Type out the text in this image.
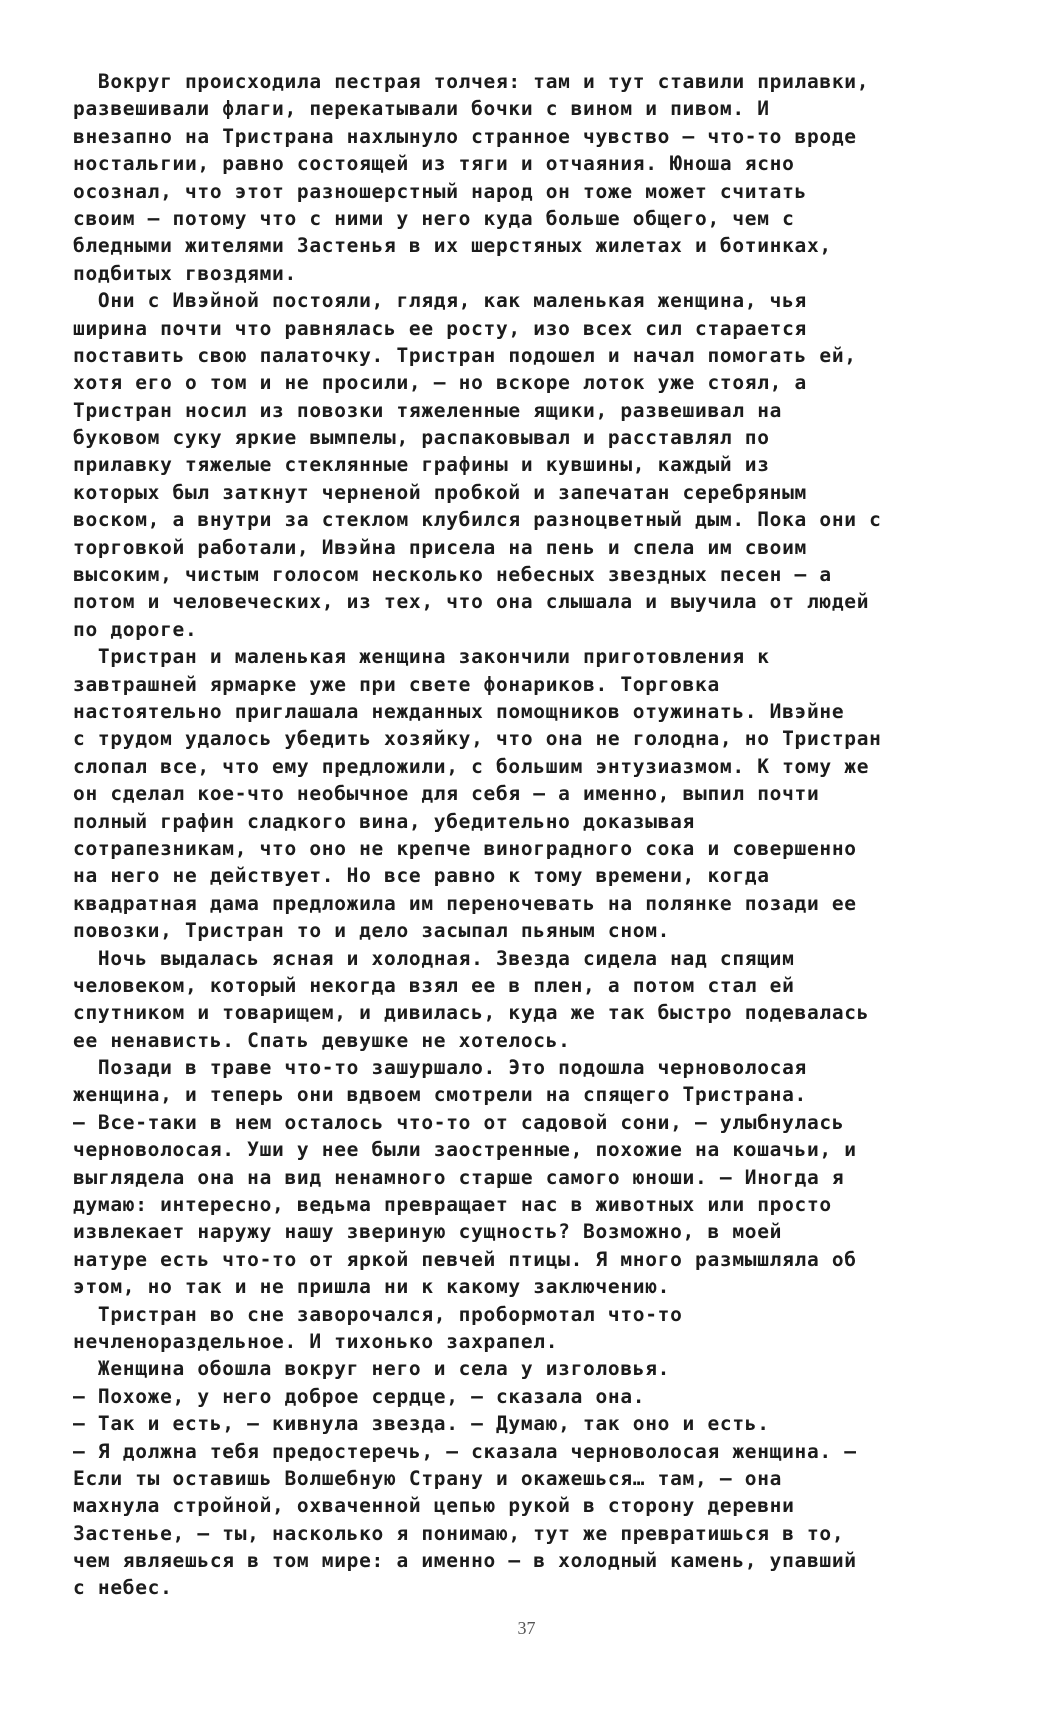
Вокруг происходила пестрая толчея: там и тут ставили прилавки,
развешивали флаги, перекатывали бочки с вином и пивом. И
внезапно на Тристрана нахлынуло странное чувство — что-то вроде
ностальгии, равно состоящей из тяги и отчаяния. Юноша ясно
осознал, что этот разношерстный народ он тоже может считать
своим — потому что с ними у него куда больше общего, чем с
бледными жителями Застенья в их шерстяных жилетах и ботинках,
подбитых гвоздями.
Они с Ивэйной постояли, глядя, как маленькая женщина, чья
ширина почти что равнялась ее росту, изо всех сил старается
поставить свою палаточку. Тристран подошел и начал помогать ей,
хотя его о том и не просили, — но вскоре лоток уже стоял, а
Тристран носил из повозки тяжеленные ящики, развешивал на
буковом суку яркие вымпелы, распаковывал и расставлял по
прилавку тяжелые стеклянные графины и кувшины, каждый из
которых был заткнут черненой пробкой и запечатан серебряным
воском, а внутри за стеклом клубился разноцветный дым. Пока они с
торговкой работали, Ивэйна присела на пень и спела им своим
высоким, чистым голосом несколько небесных звездных песен — а
потом и человеческих, из тех, что она слышала и выучила от людей
по дороге.
Тристран и маленькая женщина закончили приготовления к
завтрашней ярмарке уже при свете фонариков. Торговка
настоятельно приглашала нежданных помощников отужинать. Ивэйне
с трудом удалось убедить хозяйку, что она не голодна, но Тристран
слопал все, что ему предложили, с большим энтузиазмом. К тому же
он сделал кое-что необычное для себя — а именно, выпил почти
полный графин сладкого вина, убедительно доказывая
сотрапезникам, что оно не крепче виноградного сока и совершенно
на него не действует. Но все равно к тому времени, когда
квадратная дама предложила им переночевать на полянке позади ее
повозки, Тристран то и дело засыпал пьяным сном.
Ночь выдалась ясная и холодная. Звезда сидела над спящим
человеком, который некогда взял ее в плен, а потом стал ей
спутником и товарищем, и дивилась, куда же так быстро подевалась
ее ненависть. Спать девушке не хотелось.
Позади в траве что-то зашуршало. Это подошла черноволосая
женщина, и теперь они вдвоем смотрели на спящего Тристрана.
— Все-таки в нем осталось что-то от садовой сони, — улыбнулась
черноволосая. Уши у нее были заостренные, похожие на кошачьи, и
выглядела она на вид ненамного старше самого юноши. — Иногда я
думаю: интересно, ведьма превращает нас в животных или просто
извлекает наружу нашу звериную сущность? Возможно, в моей
натуре есть что-то от яркой певчей птицы. Я много размышляла об
этом, но так и не пришла ни к какому заключению.
Тристран во сне заворочался, пробормотал что-то
нечленораздельное. И тихонько захрапел.
Женщина обошла вокруг него и села у изголовья.
— Похоже, у него доброе сердце, — сказала она.
— Так и есть, — кивнула звезда. — Думаю, так оно и есть.
— Я должна тебя предостеречь, — сказала черноволосая женщина. —
Если ты оставишь Волшебную Страну и окажешься… там, — она
махнула стройной, охваченной цепью рукой в сторону деревни
Застенье, — ты, насколько я понимаю, тут же превратишься в то,
чем являешься в том мире: а именно — в холодный камень, упавший
с небес.
37
